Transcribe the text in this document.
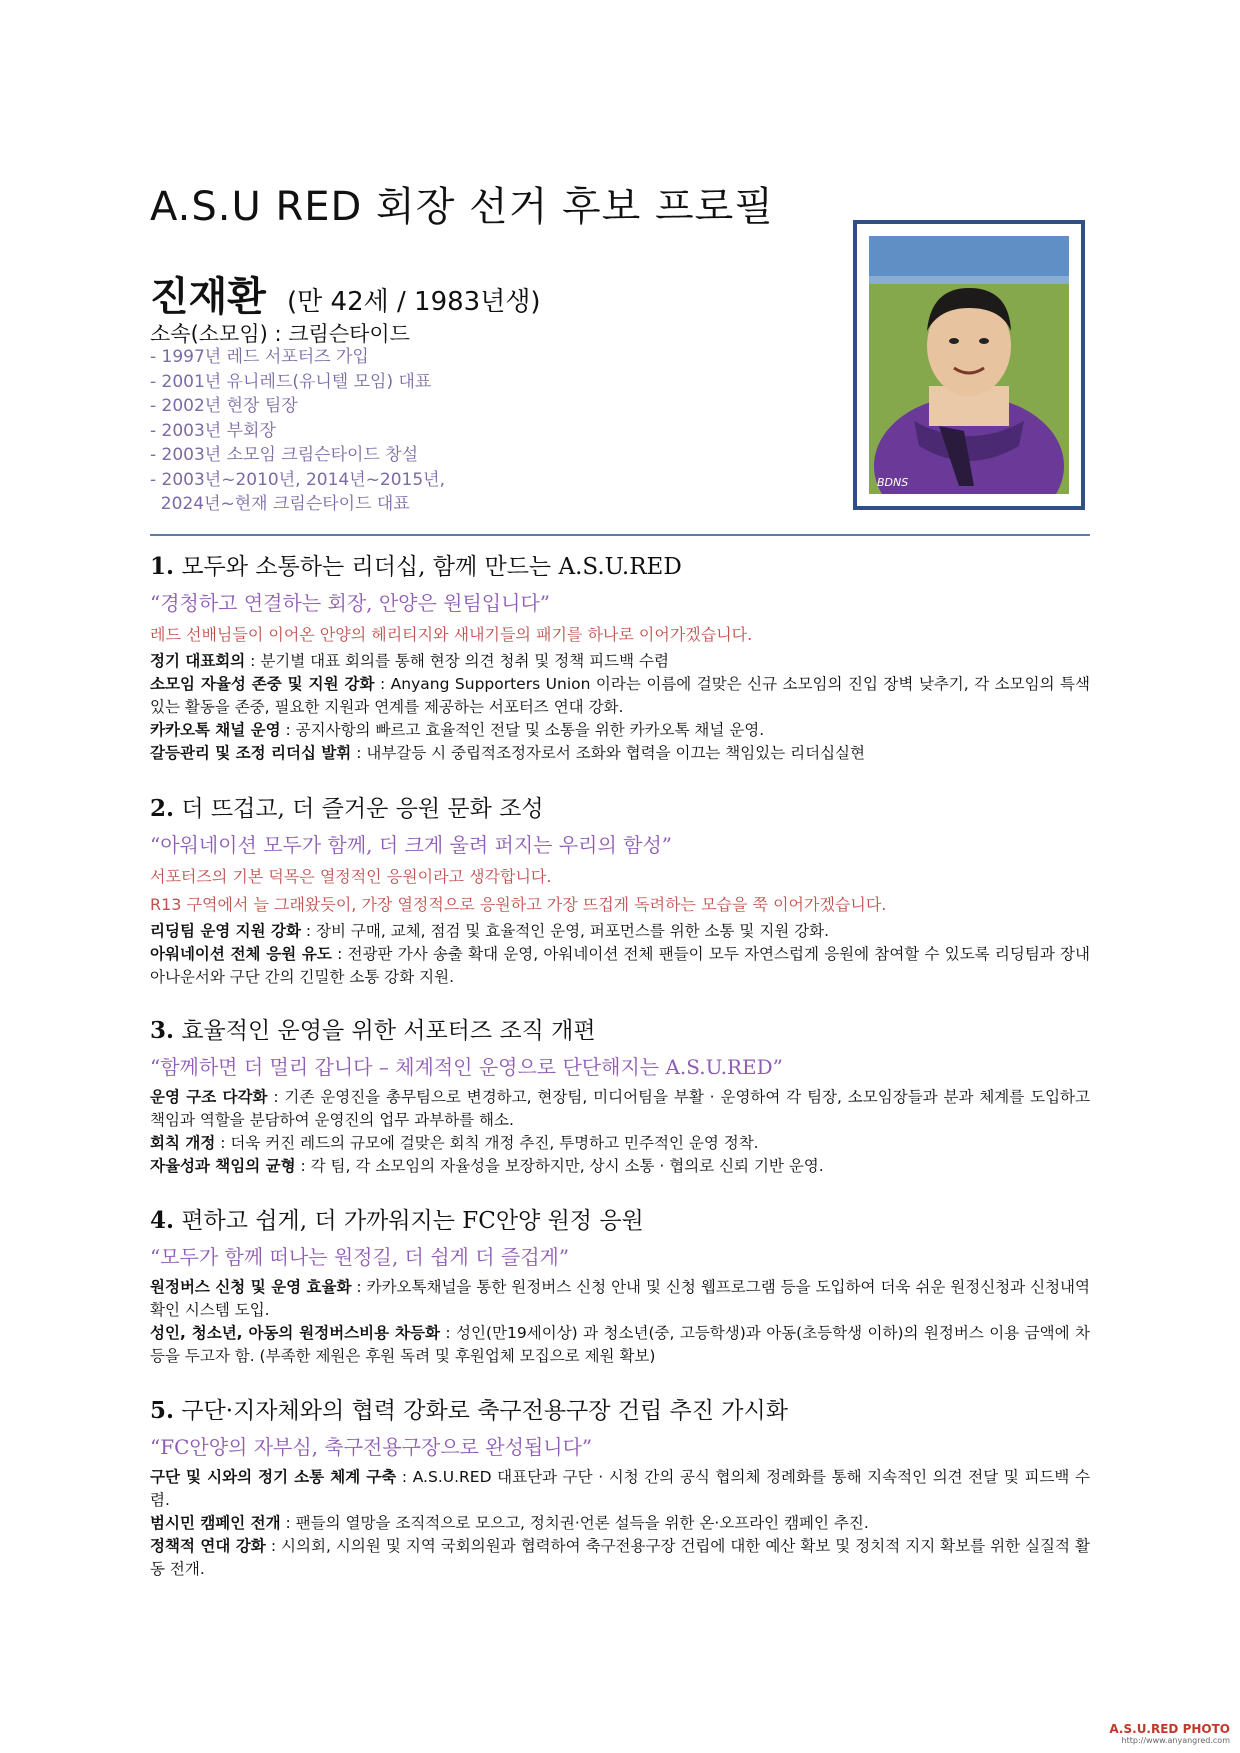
A.S.U RED 회장 선거 후보 프로필
진재환 (만 42세 / 1983년생)
소속(소모임) : 크림슨타이드
- 1997년 레드 서포터즈 가입
- 2001년 유니레드(유니텔 모임) 대표
- 2002년 현장 팀장
- 2003년 부회장
- 2003년 소모임 크림슨타이드 창설
- 2003년~2010년, 2014년~2015년,
2024년~현재 크림슨타이드 대표
BDNS
1. 모두와 소통하는 리더십, 함께 만드는 A.S.U.RED
“경청하고 연결하는 회장, 안양은 원팀입니다”
레드 선배님들이 이어온 안양의 헤리티지와 새내기들의 패기를 하나로 이어가겠습니다.

정기 대표회의 : 분기별 대표 회의를 통해 현장 의견 청취 및 정책 피드백 수렴

소모임 자율성 존중 및 지원 강화 : Anyang Supporters Union 이라는 이름에 걸맞은 신규 소모임의 진입 장벽 낮추기, 각 소모임의 특색 있는 활동을 존중, 필요한 지원과 연계를 제공하는 서포터즈 연대 강화.

카카오톡 채널 운영 : 공지사항의 빠르고 효율적인 전달 및 소통을 위한 카카오톡 채널 운영.

갈등관리 및 조정 리더십 발휘 : 내부갈등 시 중립적조정자로서 조화와 협력을 이끄는 책임있는 리더십실현

2. 더 뜨겁고, 더 즐거운 응원 문화 조성
“아워네이션 모두가 함께, 더 크게 울려 퍼지는 우리의 함성”
서포터즈의 기본 덕목은 열정적인 응원이라고 생각합니다.
R13 구역에서 늘 그래왔듯이, 가장 열정적으로 응원하고 가장 뜨겁게 독려하는 모습을 쭉 이어가겠습니다.

리딩팀 운영 지원 강화 : 장비 구매, 교체, 점검 및 효율적인 운영, 퍼포먼스를 위한 소통 및 지원 강화.

아워네이션 전체 응원 유도 : 전광판 가사 송출 확대 운영, 아워네이션 전체 팬들이 모두 자연스럽게 응원에 참여할 수 있도록 리딩팀과 장내 아나운서와 구단 간의 긴밀한 소통 강화 지원.

3. 효율적인 운영을 위한 서포터즈 조직 개편
“함께하면 더 멀리 갑니다 – 체계적인 운영으로 단단해지는 A.S.U.RED”

운영 구조 다각화 : 기존 운영진을 총무팀으로 변경하고, 현장팀, 미디어팀을 부활 · 운영하여 각 팀장, 소모임장들과 분과 체계를 도입하고 책임과 역할을 분담하여 운영진의 업무 과부하를 해소.

회칙 개정 : 더욱 커진 레드의 규모에 걸맞은 회칙 개정 추진, 투명하고 민주적인 운영 정착.

자율성과 책임의 균형 : 각 팀, 각 소모임의 자율성을 보장하지만, 상시 소통 · 협의로 신뢰 기반 운영.

4. 편하고 쉽게, 더 가까워지는 FC안양 원정 응원
“모두가 함께 떠나는 원정길, 더 쉽게 더 즐겁게”

원정버스 신청 및 운영 효율화 : 카카오톡채널을 통한 원정버스 신청 안내 및 신청 웹프로그램 등을 도입하여 더욱 쉬운 원정신청과 신청내역 확인 시스템 도입.

성인, 청소년, 아동의 원정버스비용 차등화 : 성인(만19세이상) 과 청소년(중, 고등학생)과 아동(초등학생 이하)의 원정버스 이용 금액에 차등을 두고자 함. (부족한 제원은 후원 독려 및 후원업체 모집으로 제원 확보)

5. 구단·지자체와의 협력 강화로 축구전용구장 건립 추진 가시화
“FC안양의 자부심, 축구전용구장으로 완성됩니다”

구단 및 시와의 정기 소통 체계 구축 : A.S.U.RED 대표단과 구단 · 시청 간의 공식 협의체 정례화를 통해 지속적인 의견 전달 및 피드백 수렴.

범시민 캠페인 전개 : 팬들의 열망을 조직적으로 모으고, 정치권·언론 설득을 위한 온·오프라인 캠페인 추진.

정책적 연대 강화 : 시의회, 시의원 및 지역 국회의원과 협력하여 축구전용구장 건립에 대한 예산 확보 및 정치적 지지 확보를 위한 실질적 활동 전개.

A.S.U.RED PHOTO
http://www.anyangred.com
